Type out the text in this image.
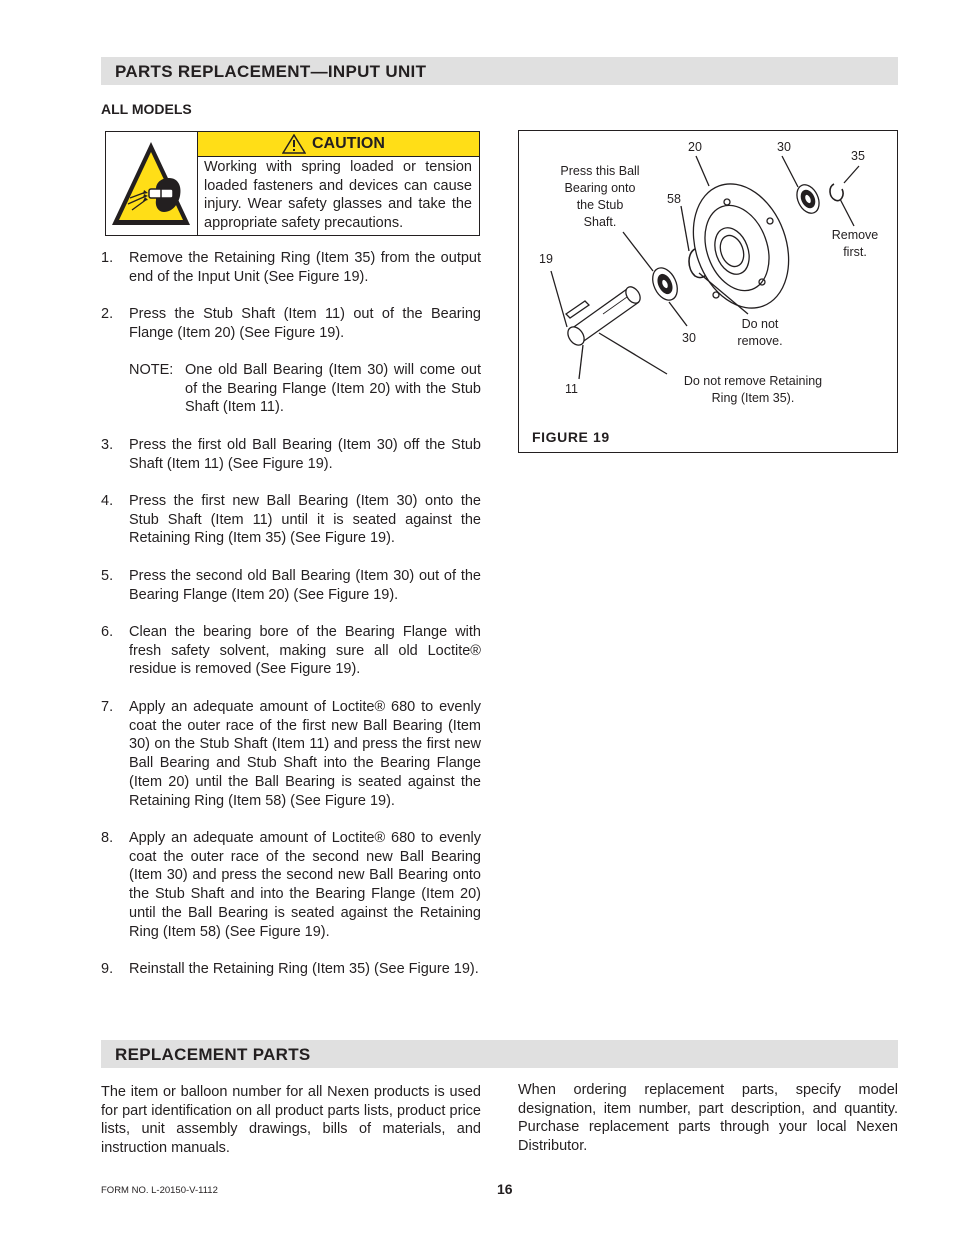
PARTS REPLACEMENT—INPUT UNIT
ALL MODELS
CAUTION
Working with spring loaded or tension loaded fasteners and devices can cause injury. Wear safety glasses and take the appropriate safety precautions.
1. Remove the Retaining Ring (Item 35) from the output end of the Input Unit (See Figure 19).
2. Press the Stub Shaft (Item 11) out of the Bearing Flange (Item 20) (See Figure 19).
NOTE: One old Ball Bearing (Item 30) will come out of the Bearing Flange (Item 20) with the Stub Shaft (Item 11).
3. Press the first old Ball Bearing (Item 30) off the Stub Shaft (Item 11) (See Figure 19).
4. Press the first new Ball Bearing (Item 30) onto the Stub Shaft (Item 11) until it is seated against the Retaining Ring (Item 35) (See Figure 19).
5. Press the second old Ball Bearing (Item 30) out of the Bearing Flange (Item 20) (See Figure 19).
6. Clean the bearing bore of the Bearing Flange with fresh safety solvent, making sure all old Loctite® residue is removed (See Figure 19).
7. Apply an adequate amount of Loctite® 680 to evenly coat the outer race of the first new Ball Bearing (Item 30) on the Stub Shaft (Item 11) and press the first new Ball Bearing and Stub Shaft into the Bearing Flange (Item 20) until the Ball Bearing is seated against the Retaining Ring (Item 58) (See Figure 19).
8. Apply an adequate amount of Loctite® 680 to evenly coat the outer race of the second new Ball Bearing (Item 30) and press the second new Ball Bearing onto the Stub Shaft and into the Bearing Flange (Item 20) until the Ball Bearing is seated against the Retaining Ring (Item 58) (See Figure 19).
9. Reinstall the Retaining Ring (Item 35) (See Figure 19).
20	30
35
58
19
30
11
Press this Ball Bearing onto the Stub Shaft.
Remove first.
Do not remove.
Do not remove Retaining Ring (Item 35).
FIGURE 19
REPLACEMENT PARTS
The item or balloon number for all Nexen products is used for part identification on all product parts lists, product price lists, unit assembly drawings, bills of materials, and instruction manuals.
When ordering replacement parts, specify model designation, item number, part description, and quantity. Purchase replacement parts through your local Nexen Distributor.
FORM NO. L-20150-V-1112	16
